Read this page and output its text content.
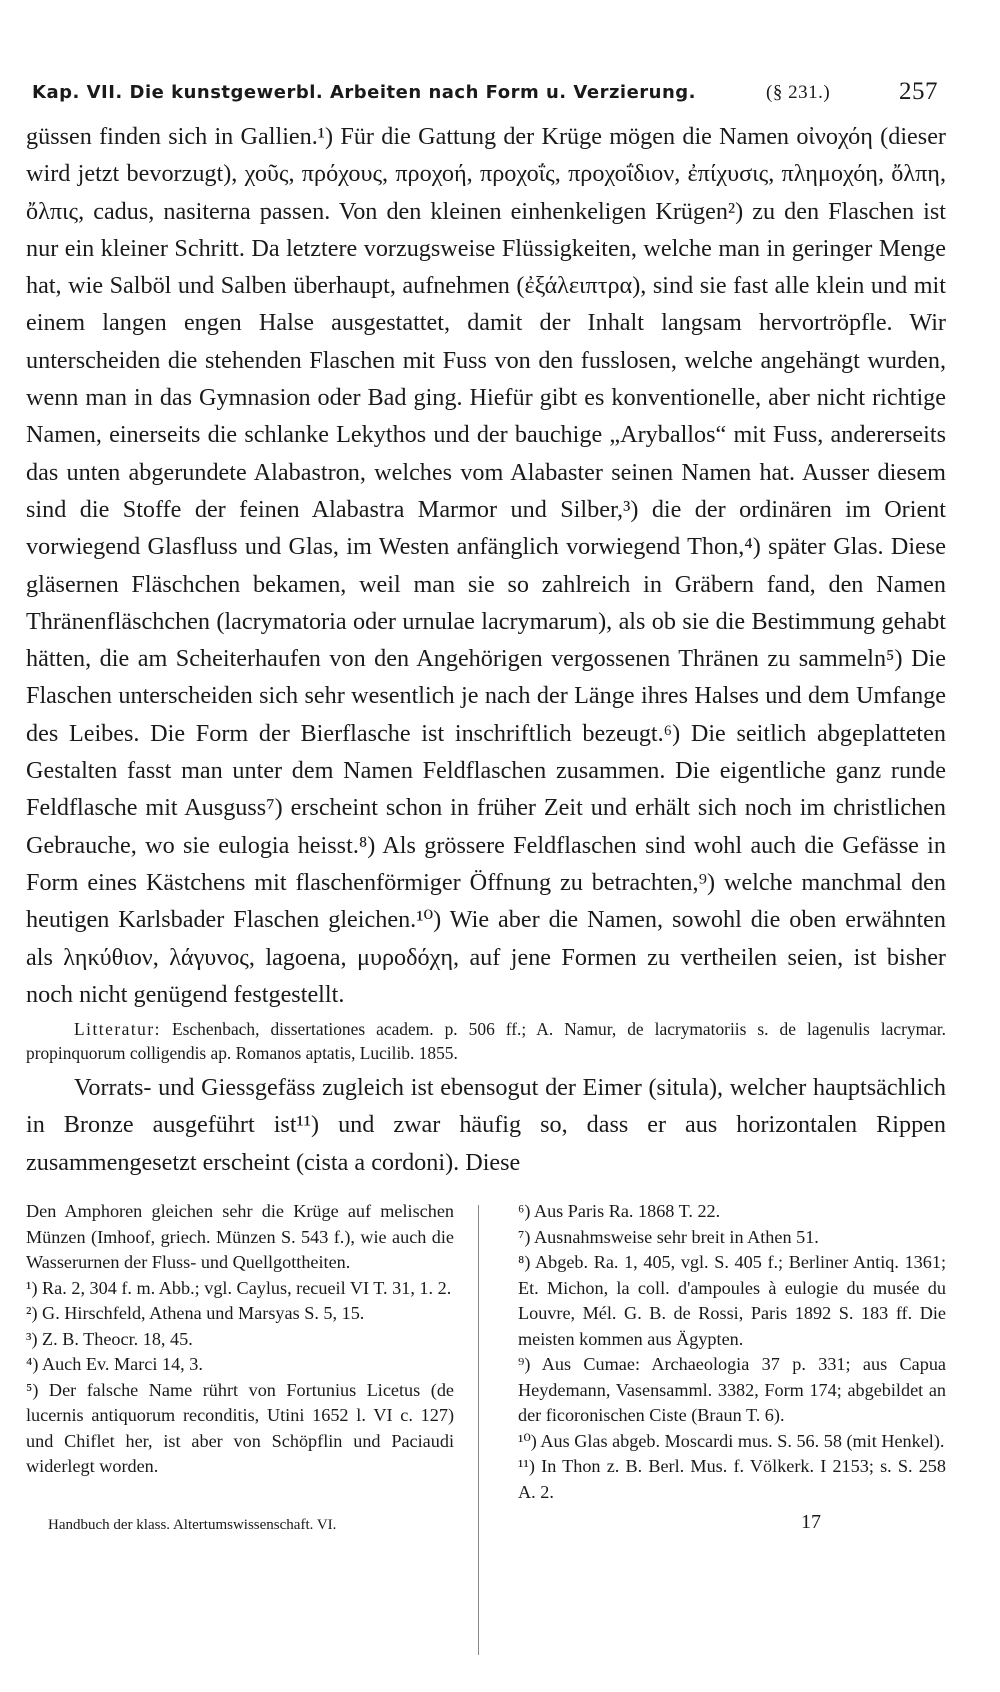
Kap. VII. Die kunstgewerbl. Arbeiten nach Form u. Verzierung.	(§ 231.)	257

güssen finden sich in Gallien.¹) Für die Gattung der Krüge mögen die Namen οἰνοχόη (dieser wird jetzt bevorzugt), χοῦς, πρόχους, προχοή, προχοΐς, προχοΐδιον, ἐπίχυσις, πλημοχόη, ὄλπη, ὄλπις, cadus, nasiterna passen. Von den kleinen einhenkeligen Krügen²) zu den Flaschen ist nur ein kleiner Schritt. Da letztere vorzugsweise Flüssigkeiten, welche man in geringer Menge hat, wie Salböl und Salben überhaupt, aufnehmen (ἐξάλειπτρα), sind sie fast alle klein und mit einem langen engen Halse ausgestattet, damit der Inhalt langsam hervortröpfle. Wir unterscheiden die stehenden Flaschen mit Fuss von den fusslosen, welche angehängt wurden, wenn man in das Gymnasion oder Bad ging. Hiefür gibt es konventionelle, aber nicht richtige Namen, einerseits die schlanke Lekythos und der bauchige „Aryballos“ mit Fuss, andererseits das unten abgerundete Alabastron, welches vom Alabaster seinen Namen hat. Ausser diesem sind die Stoffe der feinen Alabastra Marmor und Silber,³) die der ordinären im Orient vorwiegend Glasfluss und Glas, im Westen anfänglich vorwiegend Thon,⁴) später Glas. Diese gläsernen Fläschchen bekamen, weil man sie so zahlreich in Gräbern fand, den Namen Thränenfläschchen (lacrymatoria oder urnulae lacrymarum), als ob sie die Bestimmung gehabt hätten, die am Scheiterhaufen von den Angehörigen vergossenen Thränen zu sammeln⁵) Die Flaschen unterscheiden sich sehr wesentlich je nach der Länge ihres Halses und dem Umfange des Leibes. Die Form der Bierflasche ist inschriftlich bezeugt.⁶) Die seitlich abgeplatteten Gestalten fasst man unter dem Namen Feldflaschen zusammen. Die eigentliche ganz runde Feldflasche mit Ausguss⁷) erscheint schon in früher Zeit und erhält sich noch im christlichen Gebrauche, wo sie eulogia heisst.⁸) Als grössere Feldflaschen sind wohl auch die Gefässe in Form eines Kästchens mit flaschenförmiger Öffnung zu betrachten,⁹) welche manchmal den heutigen Karlsbader Flaschen gleichen.¹⁰) Wie aber die Namen, sowohl die oben erwähnten als ληκύθιον, λάγυνος, lagoena, μυροδόχη, auf jene Formen zu vertheilen seien, ist bisher noch nicht genügend festgestellt.

Litteratur: Eschenbach, dissertationes academ. p. 506 ff.; A. Namur, de lacrymatoriis s. de lagenulis lacrymar. propinquorum colligendis ap. Romanos aptatis, Lucilib. 1855.

Vorrats- und Giessgefäss zugleich ist ebensogut der Eimer (situla), welcher hauptsächlich in Bronze ausgeführt ist¹¹) und zwar häufig so, dass er aus horizontalen Rippen zusammengesetzt erscheint (cista a cordoni). Diese

Den Amphoren gleichen sehr die Krüge auf melischen Münzen (Imhoof, griech. Münzen S. 543 f.), wie auch die Wasserurnen der Fluss- und Quellgottheiten.

¹) Ra. 2, 304 f. m. Abb.; vgl. Caylus, recueil VI T. 31, 1. 2.

²) G. Hirschfeld, Athena und Marsyas S. 5, 15.

³) Z. B. Theocr. 18, 45.

⁴) Auch Ev. Marci 14, 3.

⁵) Der falsche Name rührt von Fortunius Licetus (de lucernis antiquorum reconditis, Utini 1652 l. VI c. 127) und Chiflet her, ist aber von Schöpflin und Paciaudi widerlegt worden.

⁶) Aus Paris Ra. 1868 T. 22.

⁷) Ausnahmsweise sehr breit in Athen 51.

⁸) Abgeb. Ra. 1, 405, vgl. S. 405 f.; Berliner Antiq. 1361; Et. Michon, la coll. d'ampoules à eulogie du musée du Louvre, Mél. G. B. de Rossi, Paris 1892 S. 183 ff. Die meisten kommen aus Ägypten.

⁹) Aus Cumae: Archaeologia 37 p. 331; aus Capua Heydemann, Vasensamml. 3382, Form 174; abgebildet an der ficoronischen Ciste (Braun T. 6).

¹⁰) Aus Glas abgeb. Moscardi mus. S. 56. 58 (mit Henkel).

¹¹) In Thon z. B. Berl. Mus. f. Völkerk. I 2153; s. S. 258 A. 2.

Handbuch der klass. Altertumswissenschaft. VI.	17
